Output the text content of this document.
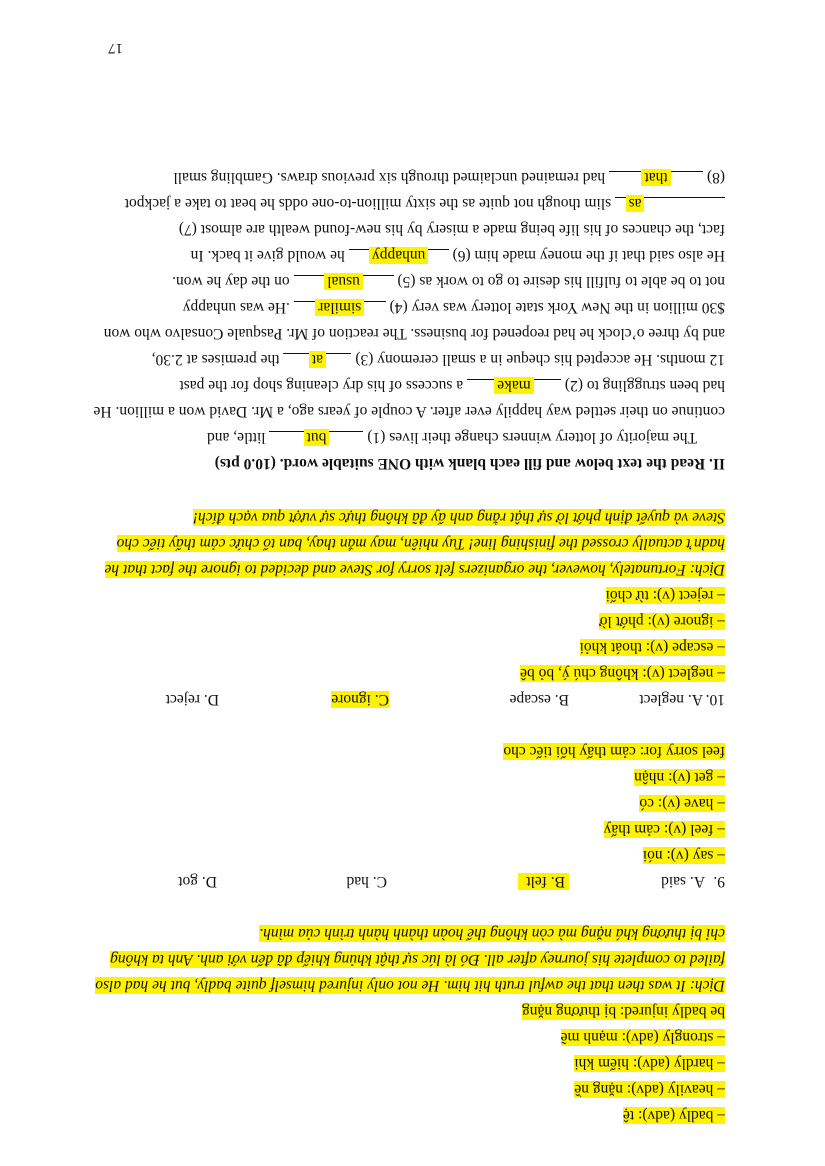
– badly (adv): tệ
– heavily (adv): nặng nề
– hardly (adv): hiếm khi
– strongly (adv): mạnh mẽ
be badly injured: bị thương nặng
Dịch: It was then that the awful truth hit him. He not only injured himself quite badly, but he had also
failed to complete his journey after all. Đó là lúc sự thật khủng khiếp đã đến với anh. Anh ta không
chỉ bị thương khá nặng mà còn không thể hoàn thành hành trình của mình.
9.
A. said
B. felt
C. had
D. got
– say (v): nói
– feel (v): cảm thấy
– have (v): có
– get (v): nhận
feel sorry for: cảm thấy hối tiếc cho
10.
A. neglect
B. escape
C. ignore
D. reject
– neglect (v): không chú ý, bỏ bê
– escape (v): thoát khỏi
– ignore (v): phớt lờ
– reject (v): từ chối
Dịch: Fortunately, however, the organizers felt sorry for Steve and decided to ignore the fact that he
hadn’t actually crossed the finishing line! Tuy nhiên, may mắn thay, ban tổ chức cảm thấy tiếc cho
Steve và quyết định phớt lờ sự thật rằng anh ấy đã không thực sự vượt qua vạch đích!
II. Read the text below and fill each blank with ONE suitable word. (10.0 pts)
The majority of lottery winners change their lives (1) but little, and
continue on their settled way happily ever after. A couple of years ago, a Mr. David won a million. He
had been struggling to (2) make a success of his dry cleaning shop for the past
12 months. He accepted his cheque in a small ceremony (3) at the premises at 2.30,
and by three o’clock he had reopened for business. The reaction of Mr. Pasquale Consalvo who won
$30 million in the New York state lottery was very (4) similar .He was unhappy
not to be able to fulfill his desire to go to work as (5) usual on the day he won.
He also said that if the money made him (6) unhappy he would give it back. In
fact, the chances of his life being made a misery by his new-found wealth are almost (7)
as slim though not quite as the sixty million-to-one odds he beat to take a jackpot
(8) that had remained unclaimed through six previous draws. Gambling small
17
